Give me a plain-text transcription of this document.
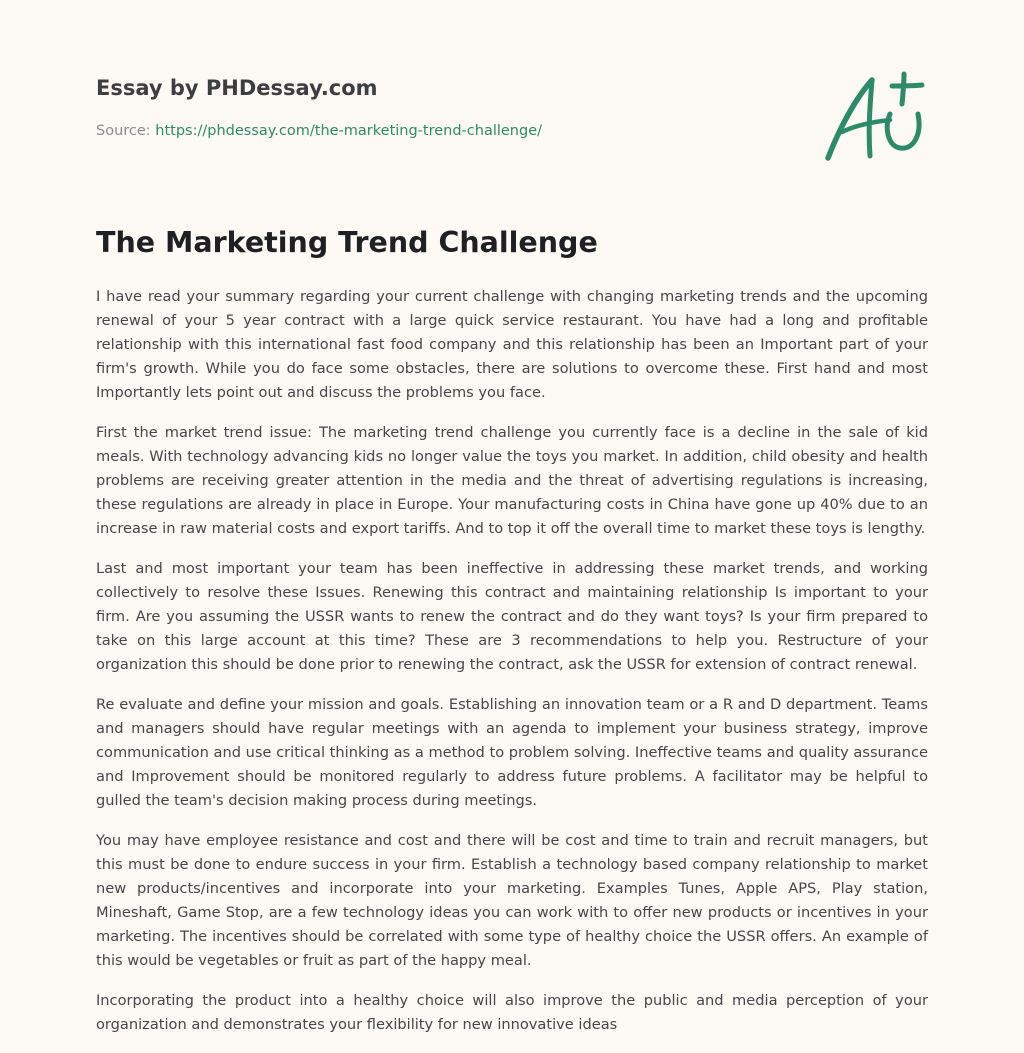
Essay by PHDessay.com
Source: https://phdessay.com/the-marketing-trend-challenge/
The Marketing Trend Challenge

I have read your summary regarding your current challenge with changing marketing trends and the upcoming renewal of your 5 year contract with a large quick service restaurant. You have had a long and profitable relationship with this international fast food company and this relationship has been an Important part of your firm's growth. While you do face some obstacles, there are solutions to overcome these. First hand and most Importantly lets point out and discuss the problems you face.

First the market trend issue: The marketing trend challenge you currently face is a decline in the sale of kid meals. With technology advancing kids no longer value the toys you market. In addition, child obesity and health problems are receiving greater attention in the media and the threat of advertising regulations is increasing, these regulations are already in place in Europe. Your manufacturing costs in China have gone up 40% due to an increase in raw material costs and export tariffs. And to top it off the overall time to market these toys is lengthy.

Last and most important your team has been ineffective in addressing these market trends, and working collectively to resolve these Issues. Renewing this contract and maintaining relationship Is important to your firm. Are you assuming the USSR wants to renew the contract and do they want toys? Is your firm prepared to take on this large account at this time? These are 3 recommendations to help you. Restructure of your organization this should be done prior to renewing the contract, ask the USSR for extension of contract renewal.

Re evaluate and define your mission and goals. Establishing an innovation team or a R and D department. Teams and managers should have regular meetings with an agenda to implement your business strategy, improve communication and use critical thinking as a method to problem solving. Ineffective teams and quality assurance and Improvement should be monitored regularly to address future problems. A facilitator may be helpful to gulled the team's decision making process during meetings.

You may have employee resistance and cost and there will be cost and time to train and recruit managers, but this must be done to endure success in your firm. Establish a technology based company relationship to market new products/incentives and incorporate into your marketing. Examples Tunes, Apple APS, Play station, Mineshaft, Game Stop, are a few technology ideas you can work with to offer new products or incentives in your marketing. The incentives should be correlated with some type of healthy choice the USSR offers. An example of this would be vegetables or fruit as part of the happy meal.

Incorporating the product into a healthy choice will also improve the public and media perception of your organization and demonstrates your flexibility for new innovative ideas
